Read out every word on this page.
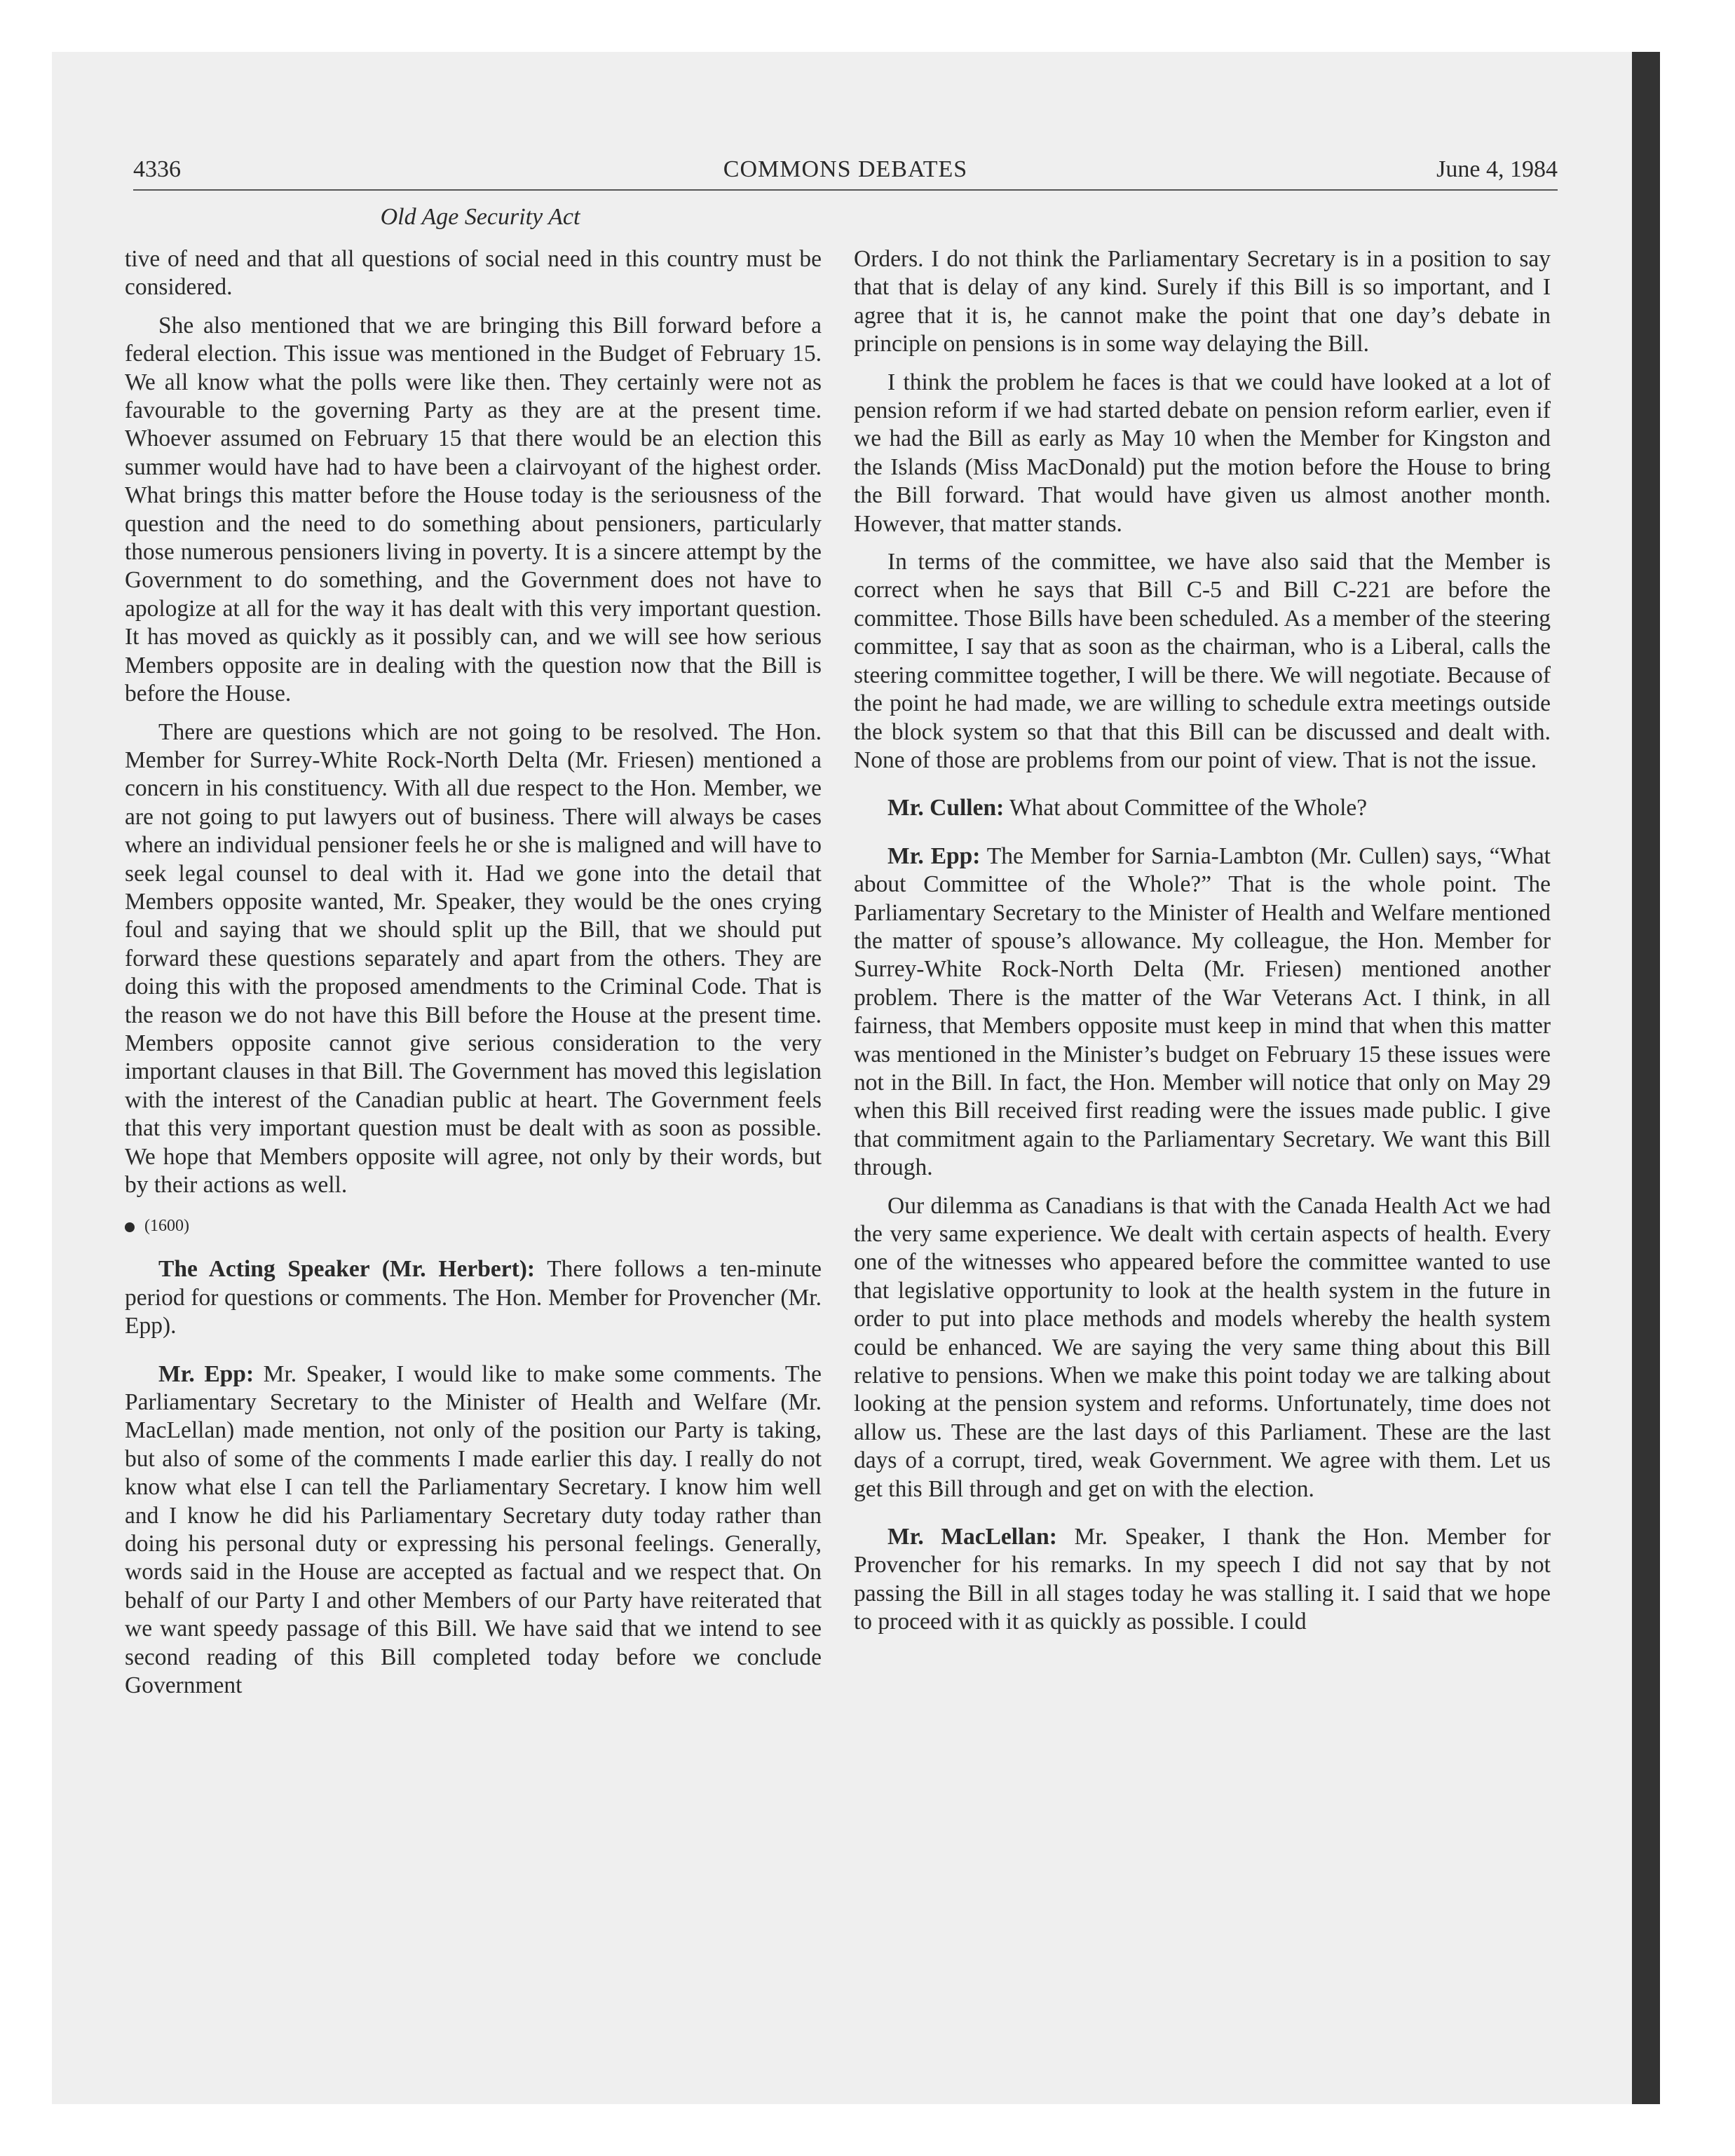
4336	COMMONS DEBATES	June 4, 1984
Old Age Security Act

tive of need and that all questions of social need in this country must be considered.

She also mentioned that we are bringing this Bill forward before a federal election. This issue was mentioned in the Budget of February 15. We all know what the polls were like then. They certainly were not as favourable to the governing Party as they are at the present time. Whoever assumed on February 15 that there would be an election this summer would have had to have been a clairvoyant of the highest order. What brings this matter before the House today is the seriousness of the question and the need to do something about pensioners, particularly those numerous pensioners living in poverty. It is a sincere attempt by the Government to do something, and the Government does not have to apologize at all for the way it has dealt with this very important question. It has moved as quickly as it possibly can, and we will see how serious Members opposite are in dealing with the question now that the Bill is before the House.

There are questions which are not going to be resolved. The Hon. Member for Surrey-White Rock-North Delta (Mr. Friesen) mentioned a concern in his constituency. With all due respect to the Hon. Member, we are not going to put lawyers out of business. There will always be cases where an individual pensioner feels he or she is maligned and will have to seek legal counsel to deal with it. Had we gone into the detail that Members opposite wanted, Mr. Speaker, they would be the ones crying foul and saying that we should split up the Bill, that we should put forward these questions separately and apart from the others. They are doing this with the proposed amendments to the Criminal Code. That is the reason we do not have this Bill before the House at the present time. Members opposite cannot give serious consideration to the very important clauses in that Bill. The Government has moved this legislation with the interest of the Canadian public at heart. The Government feels that this very important question must be dealt with as soon as possible. We hope that Members opposite will agree, not only by their words, but by their actions as well.

(1600)

The Acting Speaker (Mr. Herbert): There follows a ten-minute period for questions or comments. The Hon. Member for Provencher (Mr. Epp).

Mr. Epp: Mr. Speaker, I would like to make some comments. The Parliamentary Secretary to the Minister of Health and Welfare (Mr. MacLellan) made mention, not only of the position our Party is taking, but also of some of the comments I made earlier this day. I really do not know what else I can tell the Parliamentary Secretary. I know him well and I know he did his Parliamentary Secretary duty today rather than doing his personal duty or expressing his personal feelings. Generally, words said in the House are accepted as factual and we respect that. On behalf of our Party I and other Members of our Party have reiterated that we want speedy passage of this Bill. We have said that we intend to see second reading of this Bill completed today before we conclude Government

Orders. I do not think the Parliamentary Secretary is in a position to say that that is delay of any kind. Surely if this Bill is so important, and I agree that it is, he cannot make the point that one day’s debate in principle on pensions is in some way delaying the Bill.

I think the problem he faces is that we could have looked at a lot of pension reform if we had started debate on pension reform earlier, even if we had the Bill as early as May 10 when the Member for Kingston and the Islands (Miss MacDonald) put the motion before the House to bring the Bill forward. That would have given us almost another month. However, that matter stands.

In terms of the committee, we have also said that the Member is correct when he says that Bill C-5 and Bill C-221 are before the committee. Those Bills have been scheduled. As a member of the steering committee, I say that as soon as the chairman, who is a Liberal, calls the steering committee together, I will be there. We will negotiate. Because of the point he had made, we are willing to schedule extra meetings outside the block system so that that this Bill can be discussed and dealt with. None of those are problems from our point of view. That is not the issue.

Mr. Cullen: What about Committee of the Whole?

Mr. Epp: The Member for Sarnia-Lambton (Mr. Cullen) says, “What about Committee of the Whole?” That is the whole point. The Parliamentary Secretary to the Minister of Health and Welfare mentioned the matter of spouse’s allowance. My colleague, the Hon. Member for Surrey-White Rock-North Delta (Mr. Friesen) mentioned another problem. There is the matter of the War Veterans Act. I think, in all fairness, that Members opposite must keep in mind that when this matter was mentioned in the Minister’s budget on February 15 these issues were not in the Bill. In fact, the Hon. Member will notice that only on May 29 when this Bill received first reading were the issues made public. I give that commitment again to the Parliamentary Secretary. We want this Bill through.

Our dilemma as Canadians is that with the Canada Health Act we had the very same experience. We dealt with certain aspects of health. Every one of the witnesses who appeared before the committee wanted to use that legislative opportunity to look at the health system in the future in order to put into place methods and models whereby the health system could be enhanced. We are saying the very same thing about this Bill relative to pensions. When we make this point today we are talking about looking at the pension system and reforms. Unfortunately, time does not allow us. These are the last days of this Parliament. These are the last days of a corrupt, tired, weak Government. We agree with them. Let us get this Bill through and get on with the election.

Mr. MacLellan: Mr. Speaker, I thank the Hon. Member for Provencher for his remarks. In my speech I did not say that by not passing the Bill in all stages today he was stalling it. I said that we hope to proceed with it as quickly as possible. I could
